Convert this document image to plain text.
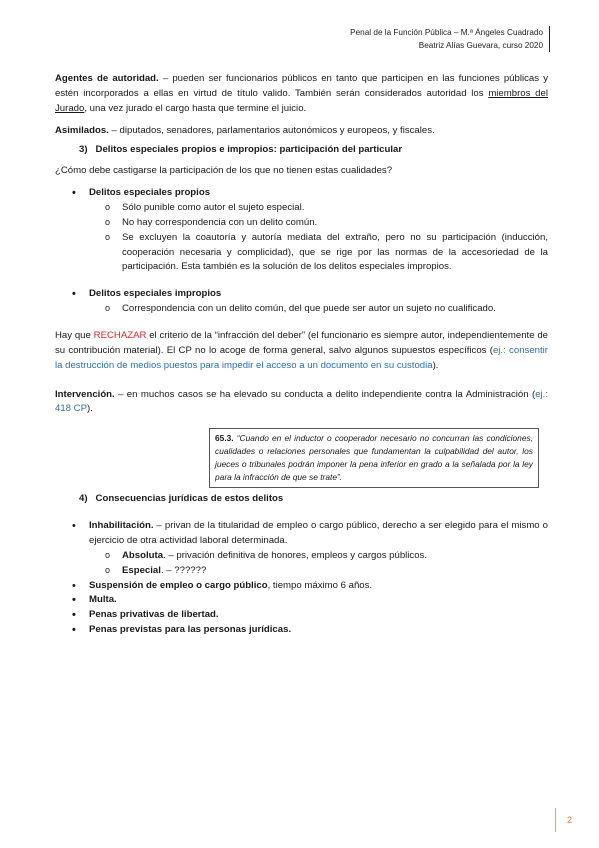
Penal de la Función Pública – M.ª Ángeles Cuadrado
Beatriz Alías Guevara, curso 2020

Agentes de autoridad. – pueden ser funcionarios públicos en tanto que participen en las funciones públicas y estén incorporados a ellas en virtud de título valido. También serán considerados autoridad los miembros del Jurado, una vez jurado el cargo hasta que termine el juicio.

Asimilados. – diputados, senadores, parlamentarios autonómicos y europeos, y fiscales.

3) Delitos especiales propios e impropios: participación del particular

¿Cómo debe castigarse la participación de los que no tienen estas cualidades?

• Delitos especiales propios
o Sólo punible como autor el sujeto especial.
o No hay correspondencia con un delito común.
o Se excluyen la coautoría y autoría mediata del extraño, pero no su participación (inducción, cooperación necesaria y complicidad), que se rige por las normas de la accesoriedad de la participación. Esta también es la solución de los delitos especiales impropios.
• Delitos especiales impropios
o Correspondencia con un delito común, del que puede ser autor un sujeto no cualificado.

Hay que RECHAZAR el criterio de la “infracción del deber” (el funcionario es siempre autor, independientemente de su contribución material). El CP no lo acoge de forma general, salvo algunos supuestos específicos (ej.: consentir la destrucción de medios puestos para impedir el acceso a un documento en su custodia).

Intervención. – en muchos casos se ha elevado su conducta a delito independiente contra la Administración (ej.: 418 CP).

65.3. “Cuando en el inductor o cooperador necesario no concurran las condiciones, cualidades o relaciones personales que fundamentan la culpabilidad del autor, los jueces o tribunales podrán imponer la pena inferior en grado a la señalada por la ley para la infracción de que se trate”.

4) Consecuencias jurídicas de estos delitos

• Inhabilitación. – privan de la titularidad de empleo o cargo público, derecho a ser elegido para el mismo o ejercicio de otra actividad laboral determinada.
o Absoluta. – privación definitiva de honores, empleos y cargos públicos.
o Especial. – ??????
• Suspensión de empleo o cargo público, tiempo máximo 6 años.
• Multa.
• Penas privativas de libertad.
• Penas previstas para las personas jurídicas.
2
